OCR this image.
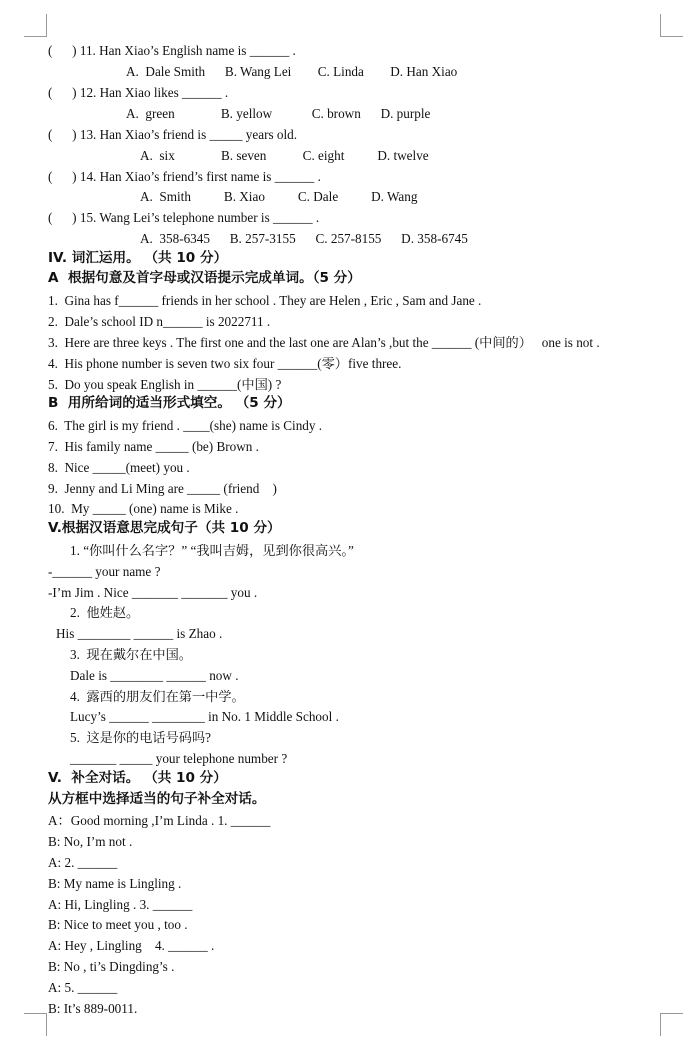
(      ) 11. Han Xiao’s English name is ______ .
A.  Dale Smith      B. Wang Lei        C. Linda        D. Han Xiao
(      ) 12. Han Xiao likes ______ .
A.  green              B. yellow            C. brown      D. purple
(      ) 13. Han Xiao’s friend is _____ years old.
A.  six              B. seven           C. eight          D. twelve
(      ) 14. Han Xiao’s friend’s first name is ______ .
A.  Smith          B. Xiao          C. Dale          D. Wang
(      ) 15. Wang Lei’s telephone number is ______ .
A.  358-6345      B. 257-3155      C. 257-8155      D. 358-6745
IV. 词汇运用。 （共 10 分）
A  根据句意及首字母或汉语提示完成单词。（5 分）
1.  Gina has f______ friends in her school . They are Helen , Eric , Sam and Jane .
2.  Dale’s school ID n______ is 2022711 .
3.  Here are three keys . The first one and the last one are Alan’s ,but the ______ (中间的）   one is not .
4.  His phone number is seven two six four ______(零）five three.
5.  Do you speak English in ______(中国) ?
B  用所给词的适当形式填空。 （5 分）
6.  The girl is my friend . ____(she) name is Cindy .
7.  His family name _____ (be) Brown .
8.  Nice _____(meet) you .
9.  Jenny and Li Ming are _____ (friend    )
10.  My _____ (one) name is Mike .
V.根据汉语意思完成句子（共 10 分）
1. “你叫什么名字？” “我叫吉姆，见到你很高兴。”
-______ your name ?
-I’m Jim . Nice _______ _______ you .
2.  他姓赵。
His ________ ______ is Zhao .
3.  现在戴尔在中国。
Dale is ________ ______ now .
4.  露西的朋友们在第一中学。
Lucy’s ______ ________ in No. 1 Middle School .
5.  这是你的电话号码吗?
_______ _____ your telephone number ?
V.  补全对话。 （共 10 分）
从方框中选择适当的句子补全对话。
A：Good morning ,I’m Linda . 1. ______
B: No, I’m not .
A: 2. ______
B: My name is Lingling .
A: Hi, Lingling . 3. ______
B: Nice to meet you , too .
A: Hey , Lingling    4. ______ .
B: No , ti’s Dingding’s .
A: 5. ______
B: It’s 889-0011.
